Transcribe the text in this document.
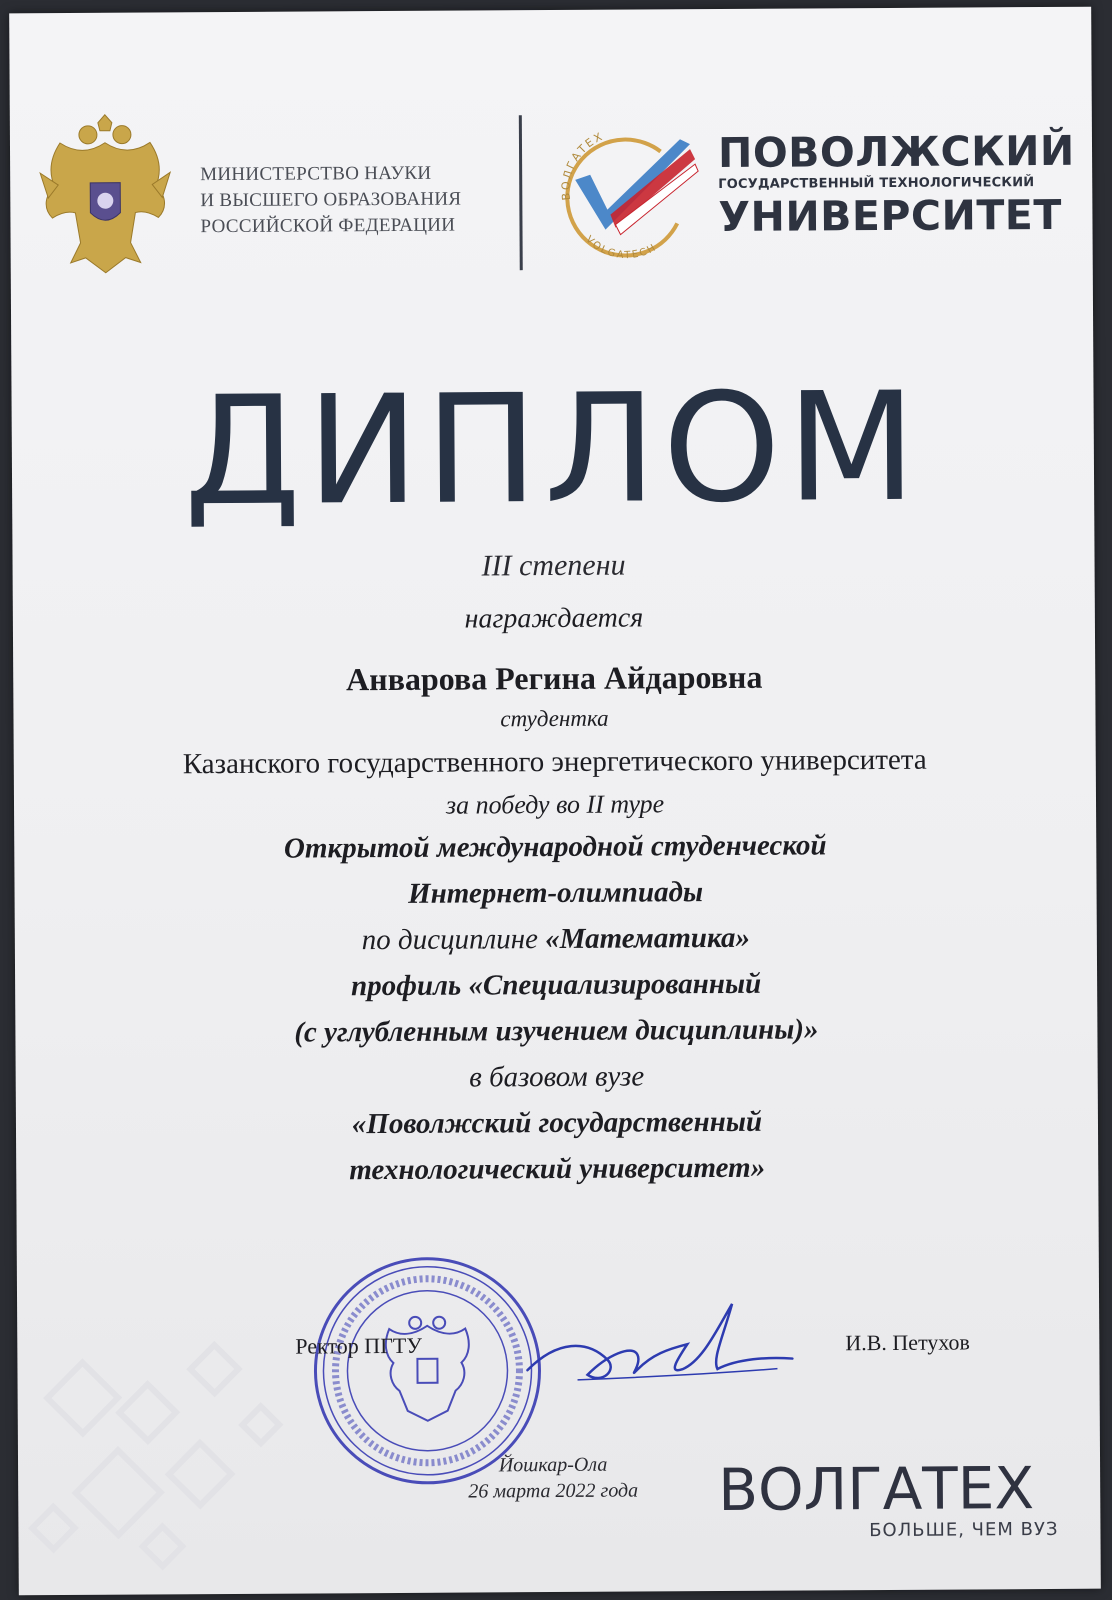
МИНИСТЕРСТВО НАУКИ
И ВЫСШЕГО ОБРАЗОВАНИЯ
РОССИЙСКОЙ ФЕДЕРАЦИИ
ВОЛГАТЕХ
VOLGATECH
ПОВОЛЖСКИЙ
ГОСУДАРСТВЕННЫЙ ТЕХНОЛОГИЧЕСКИЙ
УНИВЕРСИТЕТ
ДИПЛОМ
III степени
награждается
Анварова Регина Айдаровна
студентка
Казанского государственного энергетического университета
за победу во II туре
Открытой международной студенческой
Интернет-олимпиады
по дисциплине «Математика»
профиль «Специализированный
(с углубленным изучением дисциплины)»
в базовом вузе
«Поволжский государственный
технологический университет»
Ректор ПГТУ	И.В. Петухов
Йошкар-Ола
26 марта 2022 года	ВОЛГАТЕХ
БОЛЬШЕ, ЧЕМ ВУЗ
